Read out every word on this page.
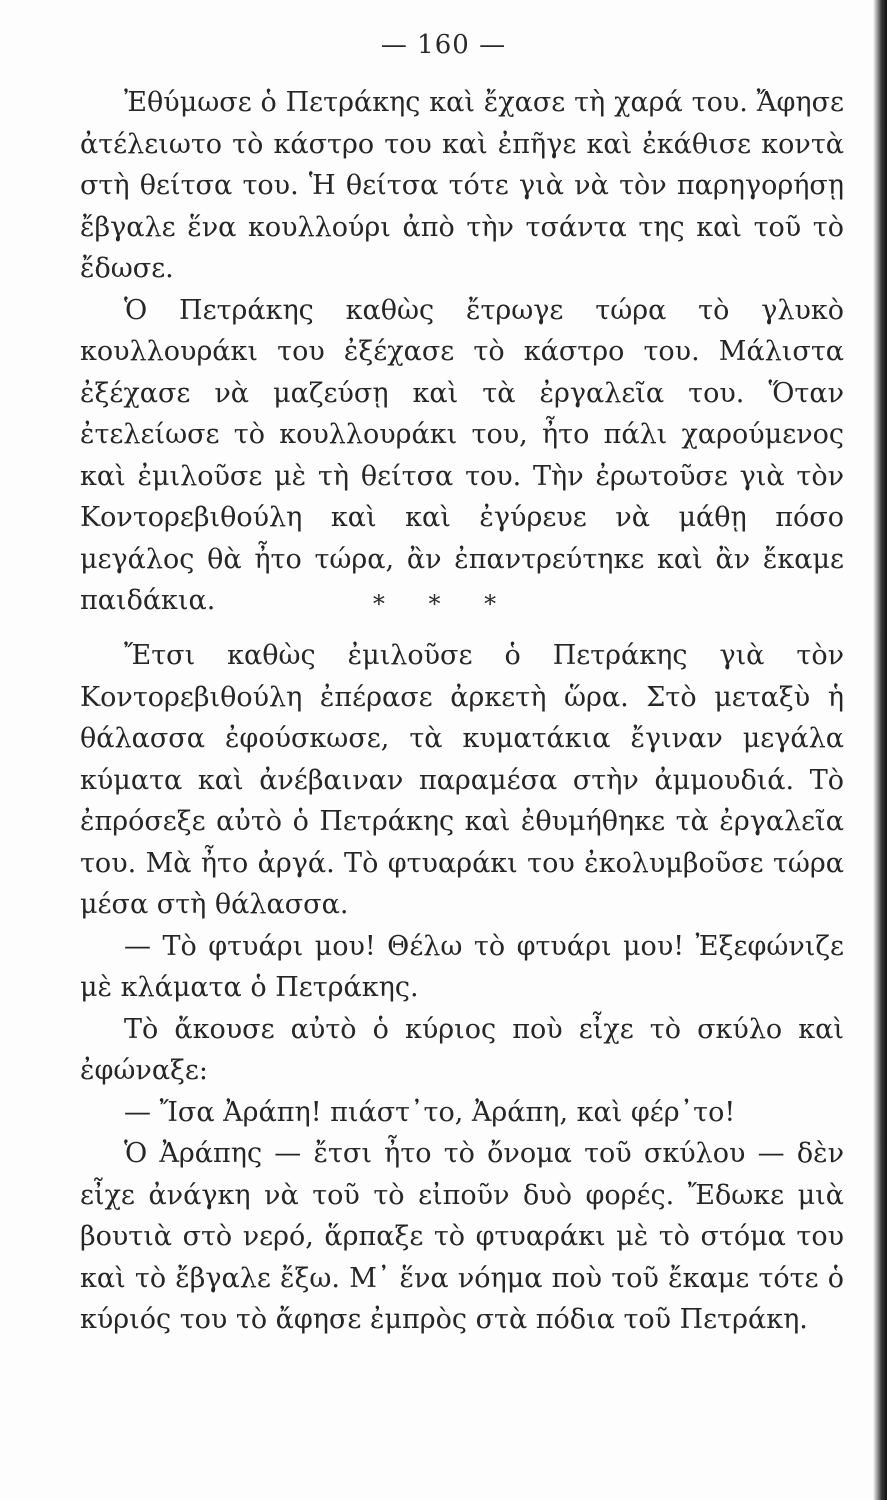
— 160 —

Ἐθύμωσε ὁ Πετράκης καὶ ἔχασε τὴ χαρά του. Ἄφησε ἀτέλειωτο τὸ κάστρο του καὶ ἐπῆγε καὶ ἐκάθισε κοντὰ στὴ θείτσα του. Ἡ θείτσα τότε γιὰ νὰ τὸν παρηγορήσῃ ἔβγαλε ἕνα κουλλούρι ἀπὸ τὴν τσάντα της καὶ τοῦ τὸ ἔδωσε.

Ὁ Πετράκης καθὼς ἔτρωγε τώρα τὸ γλυκὸ κουλλουράκι του ἐξέχασε τὸ κάστρο του. Μάλιστα ἐξέχασε νὰ μαζεύσῃ καὶ τὰ ἐργαλεῖα του. Ὅταν ἐτελείωσε τὸ κουλλουράκι του, ἦτο πάλι χαρούμενος καὶ ἐμιλοῦσε μὲ τὴ θείτσα του. Τὴν ἐρωτοῦσε γιὰ τὸν Κοντορεβιθούλη καὶ καὶ ἐγύρευε νὰ μάθῃ πόσο μεγάλος θὰ ἦτο τώρα, ἂν ἐπαντρεύτηκε καὶ ἂν ἔκαμε παιδάκια.	* * *

Ἔτσι καθὼς ἐμιλοῦσε ὁ Πετράκης γιὰ τὸν Κοντορεβιθούλη ἐπέρασε ἀρκετὴ ὥρα. Στὸ μεταξὺ ἡ θάλασσα ἐφούσκωσε, τὰ κυματάκια ἔγιναν μεγάλα κύματα καὶ ἀνέβαιναν παραμέσα στὴν ἀμμουδιά. Τὸ ἐπρόσεξε αὐτὸ ὁ Πετράκης καὶ ἐθυμήθηκε τὰ ἐργαλεῖα του. Μὰ ἦτο ἀργά. Τὸ φτυαράκι του ἐκολυμβοῦσε τώρα μέσα στὴ θάλασσα.

— Τὸ φτυάρι μου! Θέλω τὸ φτυάρι μου! Ἐξεφώνιζε μὲ κλάματα ὁ Πετράκης.

Τὸ ἄκουσε αὐτὸ ὁ κύριος ποὺ εἶχε τὸ σκύλο καὶ ἐφώναξε:

— Ἴσα Ἀράπη! πιάστ᾽το, Ἀράπη, καὶ φέρ᾽το!

Ὁ Ἀράπης — ἔτσι ἦτο τὸ ὄνομα τοῦ σκύλου — δὲν εἶχε ἀνάγκη νὰ τοῦ τὸ εἰποῦν δυὸ φορές. Ἔδωκε μιὰ βουτιὰ στὸ νερό, ἅρπαξε τὸ φτυαράκι μὲ τὸ στόμα του καὶ τὸ ἔβγαλε ἔξω. Μ᾽ ἕνα νόημα ποὺ τοῦ ἔκαμε τότε ὁ κύριός του τὸ ἄφησε ἐμπρὸς στὰ πόδια τοῦ Πετράκη.
